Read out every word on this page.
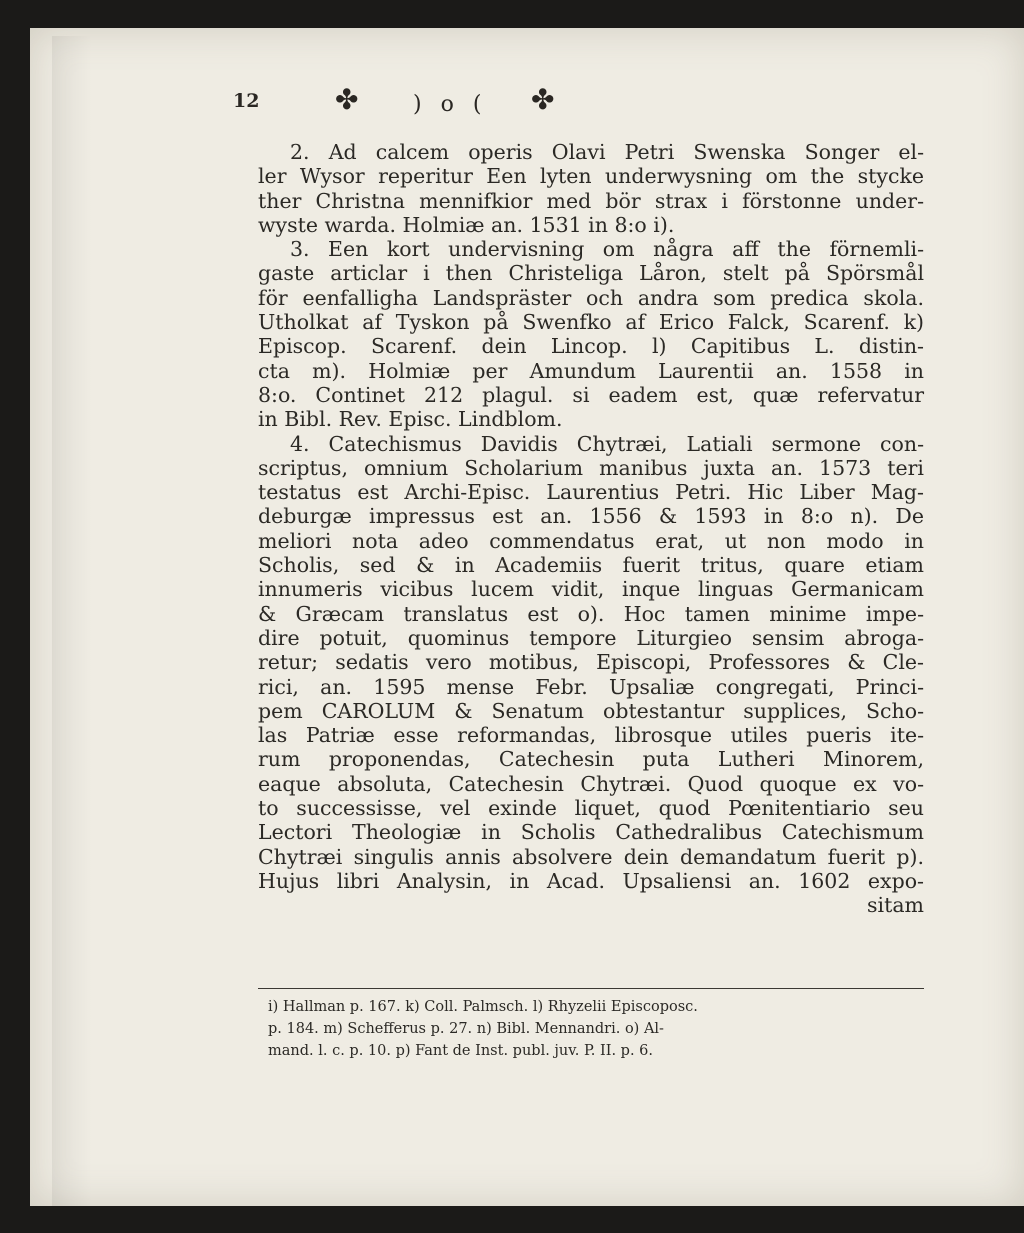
12	✤ ) o ( ✤
2. Ad calcem operis Olavi Petri Swenska Songer el-
ler Wysor reperitur Een lyten underwysning om the stycke
ther Christna mennifkior med bör strax i förstonne under-
wyste warda. Holmiæ an. 1531 in 8:o i).
3. Een kort undervisning om några aff the förnemli-
gaste articlar i then Christeliga Låron, stelt på Spörsmål
för eenfalligha Landspräster och andra som predica skola.
Utholkat af Tyskon på Swenfko af Erico Falck, Scarenf. k)
Episcop. Scarenf. dein Lincop. l) Capitibus L. distin-
cta m). Holmiæ per Amundum Laurentii an. 1558 in
8:o. Continet 212 plagul. si eadem est, quæ refervatur
in Bibl. Rev. Episc. Lindblom.
4. Catechismus Davidis Chytræi, Latiali sermone con-
scriptus, omnium Scholarium manibus juxta an. 1573 teri
testatus est Archi-Episc. Laurentius Petri. Hic Liber Mag-
deburgæ impressus est an. 1556 & 1593 in 8:o n). De
meliori nota adeo commendatus erat, ut non modo in
Scholis, sed & in Academiis fuerit tritus, quare etiam
innumeris vicibus lucem vidit, inque linguas Germanicam
& Græcam translatus est o). Hoc tamen minime impe-
dire potuit, quominus tempore Liturgieo sensim abroga-
retur; sedatis vero motibus, Episcopi, Professores & Cle-
rici, an. 1595 mense Febr. Upsaliæ congregati, Princi-
pem CAROLUM & Senatum obtestantur supplices, Scho-
las Patriæ esse reformandas, librosque utiles pueris ite-
rum proponendas, Catechesin puta Lutheri Minorem,
eaque absoluta, Catechesin Chytræi. Quod quoque ex vo-
to successisse, vel exinde liquet, quod Pœnitentiario seu
Lectori Theologiæ in Scholis Cathedralibus Catechismum
Chytræi singulis annis absolvere dein demandatum fuerit p).
Hujus libri Analysin, in Acad. Upsaliensi an. 1602 expo-
sitam
i) Hallman p. 167. k) Coll. Palmsch. l) Rhyzelii Episcoposc.
p. 184. m) Schefferus p. 27. n) Bibl. Mennandri. o) Al-
mand. l. c. p. 10. p) Fant de Inst. publ. juv. P. II. p. 6.
